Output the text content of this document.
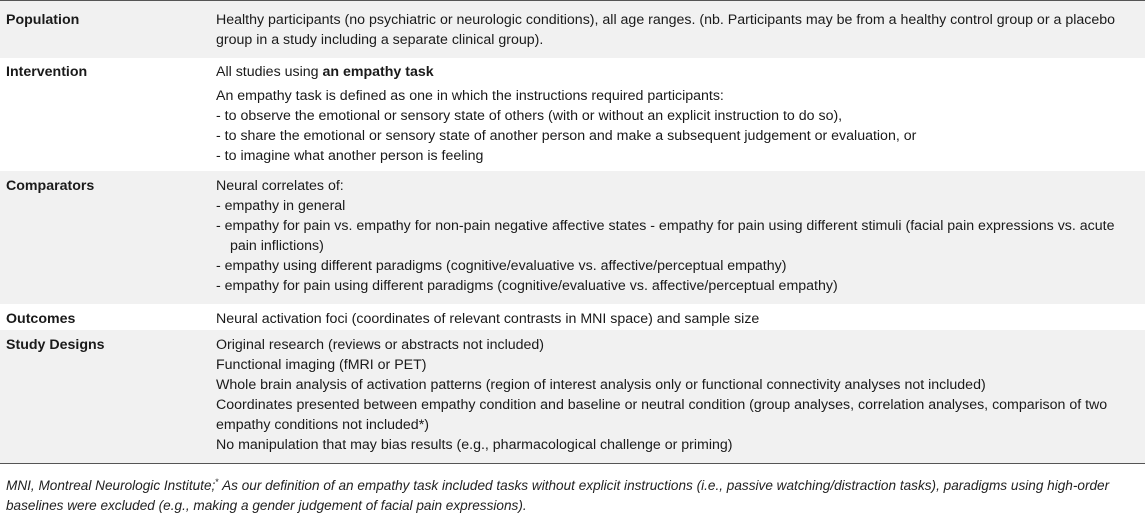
Population	Healthy participants (no psychiatric or neurologic conditions), all age ranges. (nb. Participants may be from a healthy control group or a placebo group in a study including a separate clinical group).
Intervention	All studies using an empathy task
An empathy task is defined as one in which the instructions required participants:
- to observe the emotional or sensory state of others (with or without an explicit instruction to do so),
- to share the emotional or sensory state of another person and make a subsequent judgement or evaluation, or
- to imagine what another person is feeling
Comparators	Neural correlates of:
- empathy in general
- empathy for pain vs. empathy for non-pain negative affective states - empathy for pain using different stimuli (facial pain expressions vs. acute pain inflictions)
- empathy using different paradigms (cognitive/evaluative vs. affective/perceptual empathy)
- empathy for pain using different paradigms (cognitive/evaluative vs. affective/perceptual empathy)
Outcomes	Neural activation foci (coordinates of relevant contrasts in MNI space) and sample size
Study Designs	Original research (reviews or abstracts not included)
Functional imaging (fMRI or PET)
Whole brain analysis of activation patterns (region of interest analysis only or functional connectivity analyses not included)
Coordinates presented between empathy condition and baseline or neutral condition (group analyses, correlation analyses, comparison of two empathy conditions not included*)
No manipulation that may bias results (e.g., pharmacological challenge or priming)
MNI, Montreal Neurologic Institute;* As our definition of an empathy task included tasks without explicit instructions (i.e., passive watching/distraction tasks), paradigms using high-order baselines were excluded (e.g., making a gender judgement of facial pain expressions).
